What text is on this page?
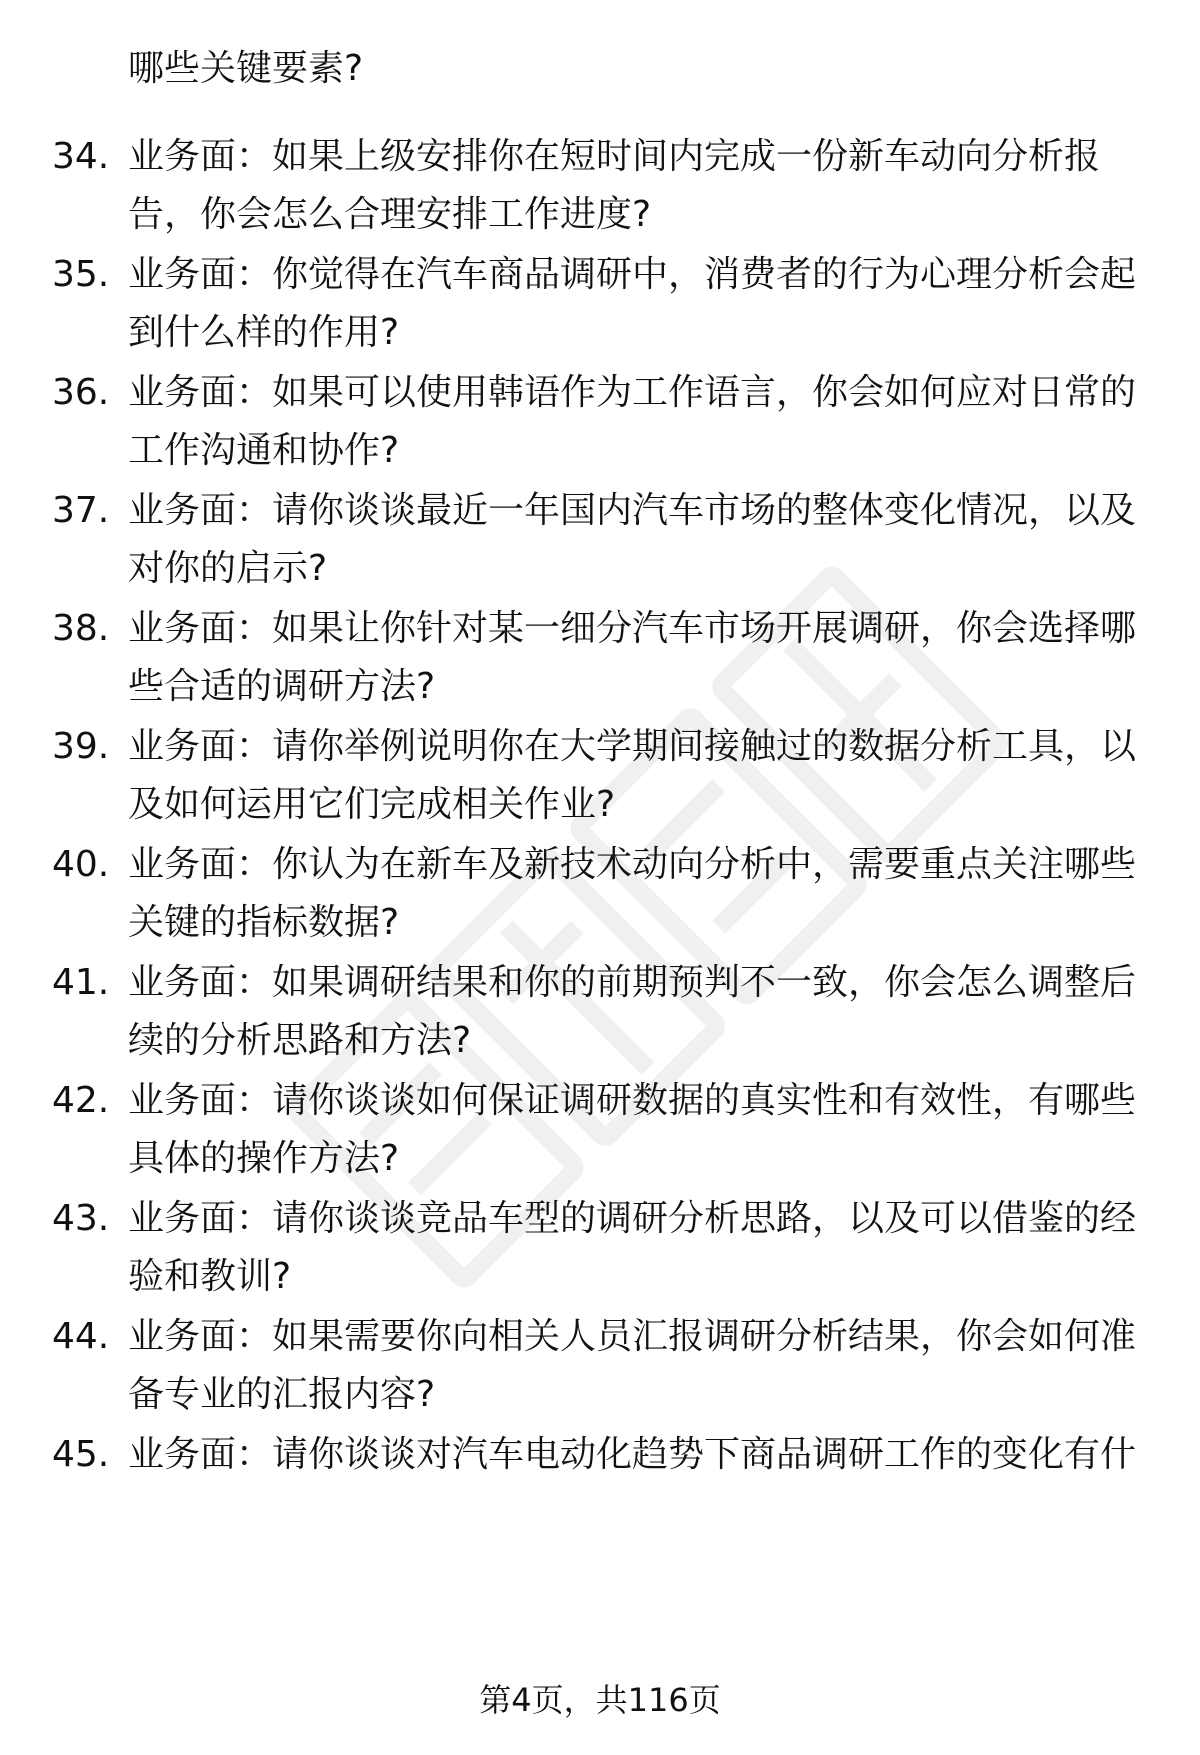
哪些关键要素?
34. 业务面：如果上级安排你在短时间内完成一份新车动向分析报
告，你会怎么合理安排工作进度?
35. 业务面：你觉得在汽车商品调研中，消费者的行为心理分析会起
到什么样的作用?
36. 业务面：如果可以使用韩语作为工作语言，你会如何应对日常的
工作沟通和协作?
37. 业务面：请你谈谈最近一年国内汽车市场的整体变化情况，以及
对你的启示?
38. 业务面：如果让你针对某一细分汽车市场开展调研，你会选择哪
些合适的调研方法?
39. 业务面：请你举例说明你在大学期间接触过的数据分析工具，以
及如何运用它们完成相关作业?
40. 业务面：你认为在新车及新技术动向分析中，需要重点关注哪些
关键的指标数据?
41. 业务面：如果调研结果和你的前期预判不一致，你会怎么调整后
续的分析思路和方法?
42. 业务面：请你谈谈如何保证调研数据的真实性和有效性，有哪些
具体的操作方法?
43. 业务面：请你谈谈竞品车型的调研分析思路，以及可以借鉴的经
验和教训?
44. 业务面：如果需要你向相关人员汇报调研分析结果，你会如何准
备专业的汇报内容?
45. 业务面：请你谈谈对汽车电动化趋势下商品调研工作的变化有什
第4页，共116页
